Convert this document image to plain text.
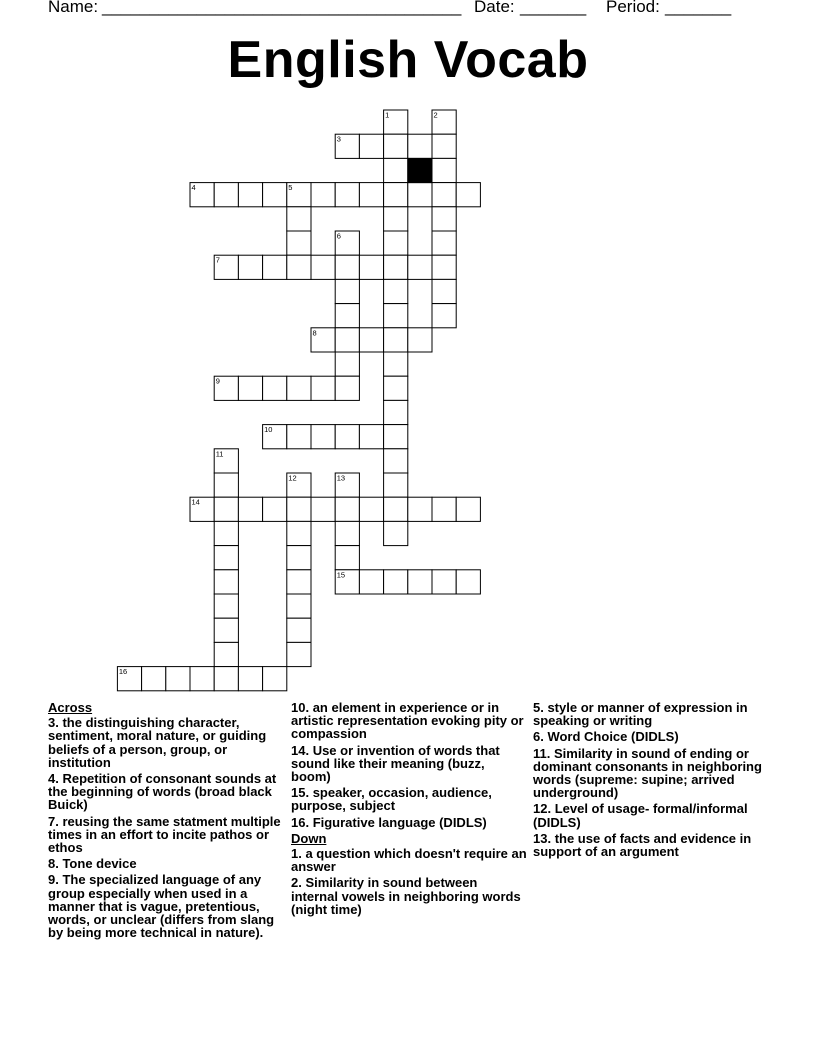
Name:

______________________________________

Date:

_______

Period:

_______

English Vocab
1	2
3
4	5
6
7
8
9
10
11
12	13
14
15
16
Across
3. the distinguishing character, sentiment, moral nature, or guiding beliefs of a person, group, or institution
4. Repetition of consonant sounds at the beginning of words (broad black Buick)
7. reusing the same statment multiple times in an effort to incite pathos or ethos
8. Tone device
9. The specialized language of any group especially when used in a manner that is vague, pretentious, words, or unclear (differs from slang by being more technical in nature).
10. an element in experience or in artistic representation evoking pity or compassion
14. Use or invention of words that sound like their meaning (buzz, boom)
15. speaker, occasion, audience, purpose, subject
16. Figurative language (DIDLS)
Down
1. a question which doesn't require an answer
2. Similarity in sound between internal vowels in neighboring words (night time)
5. style or manner of expression in speaking or writing
6. Word Choice (DIDLS)
11. Similarity in sound of ending or dominant consonants in neighboring words (supreme: supine; arrived underground)
12. Level of usage- formal/informal (DIDLS)
13. the use of facts and evidence in support of an argument
